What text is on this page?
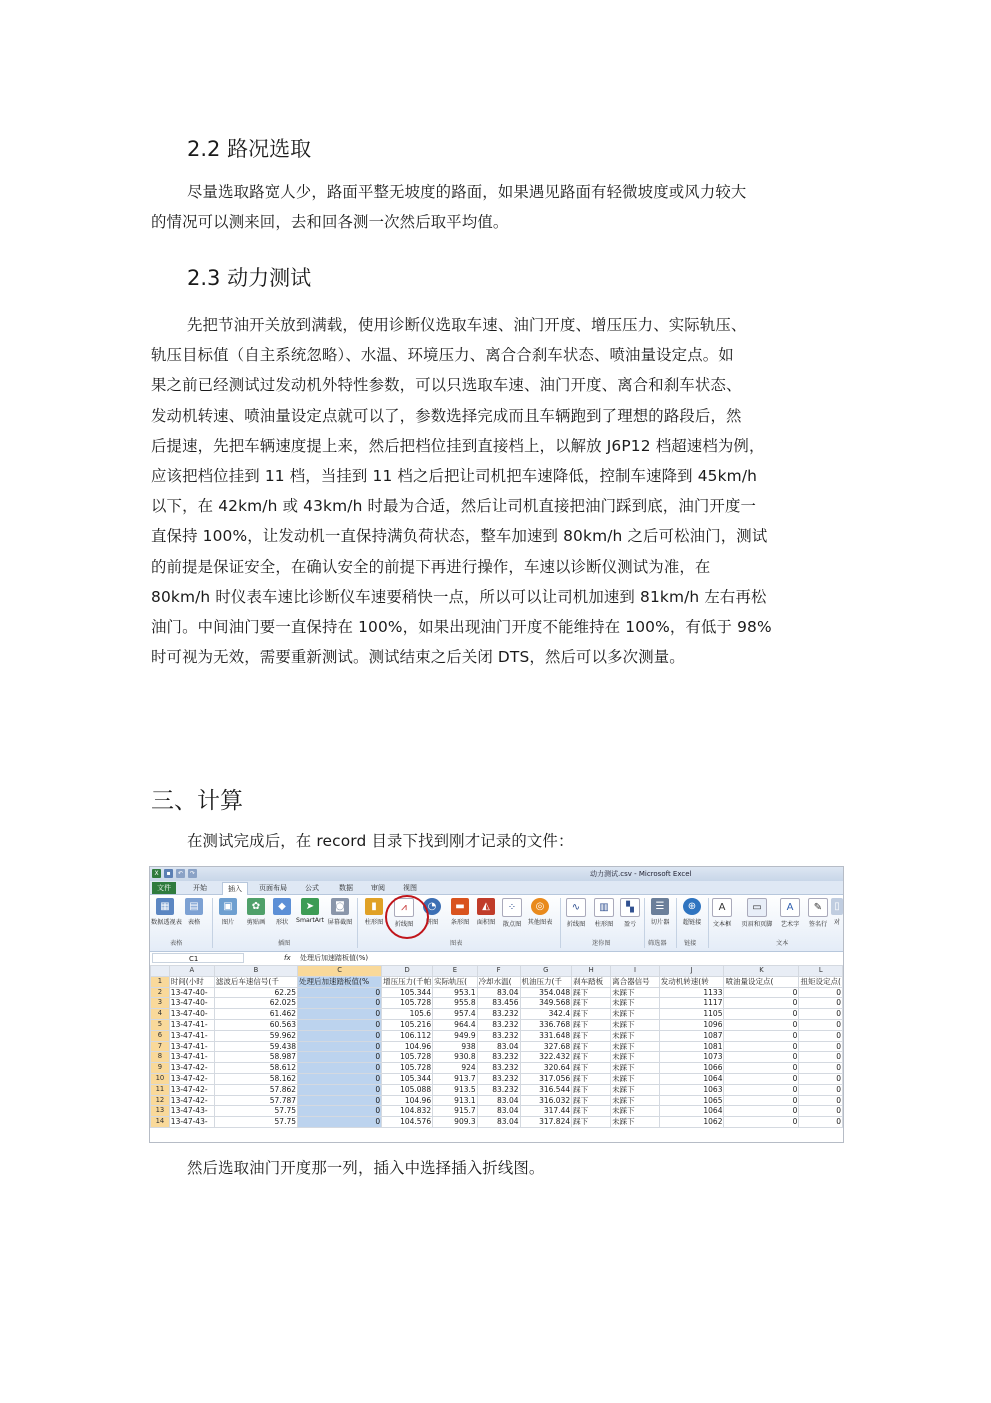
2.2 路况选取
尽量选取路宽人少，路面平整无坡度的路面，如果遇见路面有轻微坡度或风力较大
的情况可以测来回，去和回各测一次然后取平均值。
2.3 动力测试
先把节油开关放到满载，使用诊断仪选取车速、油门开度、增压压力、实际轨压、
轨压目标值（自主系统忽略）、水温、环境压力、离合合刹车状态、喷油量设定点。如
果之前已经测试过发动机外特性参数，可以只选取车速、油门开度、离合和刹车状态、
发动机转速、喷油量设定点就可以了，参数选择完成而且车辆跑到了理想的路段后，然
后提速，先把车辆速度提上来，然后把档位挂到直接档上，以解放 J6P12 档超速档为例，
应该把档位挂到 11 档，当挂到 11 档之后把让司机把车速降低，控制车速降到 45km/h
以下，在 42km/h 或 43km/h 时最为合适，然后让司机直接把油门踩到底，油门开度一
直保持 100%，让发动机一直保持满负荷状态，整车加速到 80km/h 之后可松油门，测试
的前提是保证安全，在确认安全的前提下再进行操作，车速以诊断仪测试为准，在
80km/h 时仪表车速比诊断仪车速要稍快一点，所以可以让司机加速到 81km/h 左右再松
油门。中间油门要一直保持在 100%，如果出现油门开度不能维持在 100%，有低于 98%
时可视为无效，需要重新测试。测试结束之后关闭 DTS，然后可以多次测量。
三、计算
在测试完成后，在 record 目录下找到刚才记录的文件：
X	▪	↶	↷	动力测试.csv - Microsoft Excel
文件	开始	插入	页面布局	公式	数据	审阅	视图
▦
数据透视表
▤
表格
▣
图片
✿
剪贴画
◆
形状
➤
SmartArt
◙
屏幕截图
▮
柱形图
⩘
折线图
◔
饼图
▬
条形图
◭
面积图
⁘
散点图
◎
其他图表
∿
折线图
▥
柱形图
▚
盈亏
☰
切片器
⊕
超链接
A
文本框
▭
页眉和页脚
A
艺术字
✎
签名行
▯
对
表格	插图	图表	迷你图	筛选器	链接	文本
C1	fx 处理后加速踏板值(%)
	A	B	C	D	E	F	G	H	I	J	K	L
1	时间(小时	滤波后车速信号(千	处理后加速踏板值(%	增压压力(千帕	实际轨压(	冷却水温(	机油压力(千	刹车踏板	离合器信号	发动机转速(转	喷油量设定点(	扭矩设定点(
2	13-47-40-	62.25	0	105.344	953.1	83.04	354.048	踩下	未踩下	1133	0	0
3	13-47-40-	62.025	0	105.728	955.8	83.456	349.568	踩下	未踩下	1117	0	0
4	13-47-40-	61.462	0	105.6	957.4	83.232	342.4	踩下	未踩下	1105	0	0
5	13-47-41-	60.563	0	105.216	964.4	83.232	336.768	踩下	未踩下	1096	0	0
6	13-47-41-	59.962	0	106.112	949.9	83.232	331.648	踩下	未踩下	1087	0	0
7	13-47-41-	59.438	0	104.96	938	83.04	327.68	踩下	未踩下	1081	0	0
8	13-47-41-	58.987	0	105.728	930.8	83.232	322.432	踩下	未踩下	1073	0	0
9	13-47-42-	58.612	0	105.728	924	83.232	320.64	踩下	未踩下	1066	0	0
10	13-47-42-	58.162	0	105.344	913.7	83.232	317.056	踩下	未踩下	1064	0	0
11	13-47-42-	57.862	0	105.088	913.5	83.232	316.544	踩下	未踩下	1063	0	0
12	13-47-42-	57.787	0	104.96	913.1	83.04	316.032	踩下	未踩下	1065	0	0
13	13-47-43-	57.75	0	104.832	915.7	83.04	317.44	踩下	未踩下	1064	0	0
14	13-47-43-	57.75	0	104.576	909.3	83.04	317.824	踩下	未踩下	1062	0	0
然后选取油门开度那一列，插入中选择插入折线图。
